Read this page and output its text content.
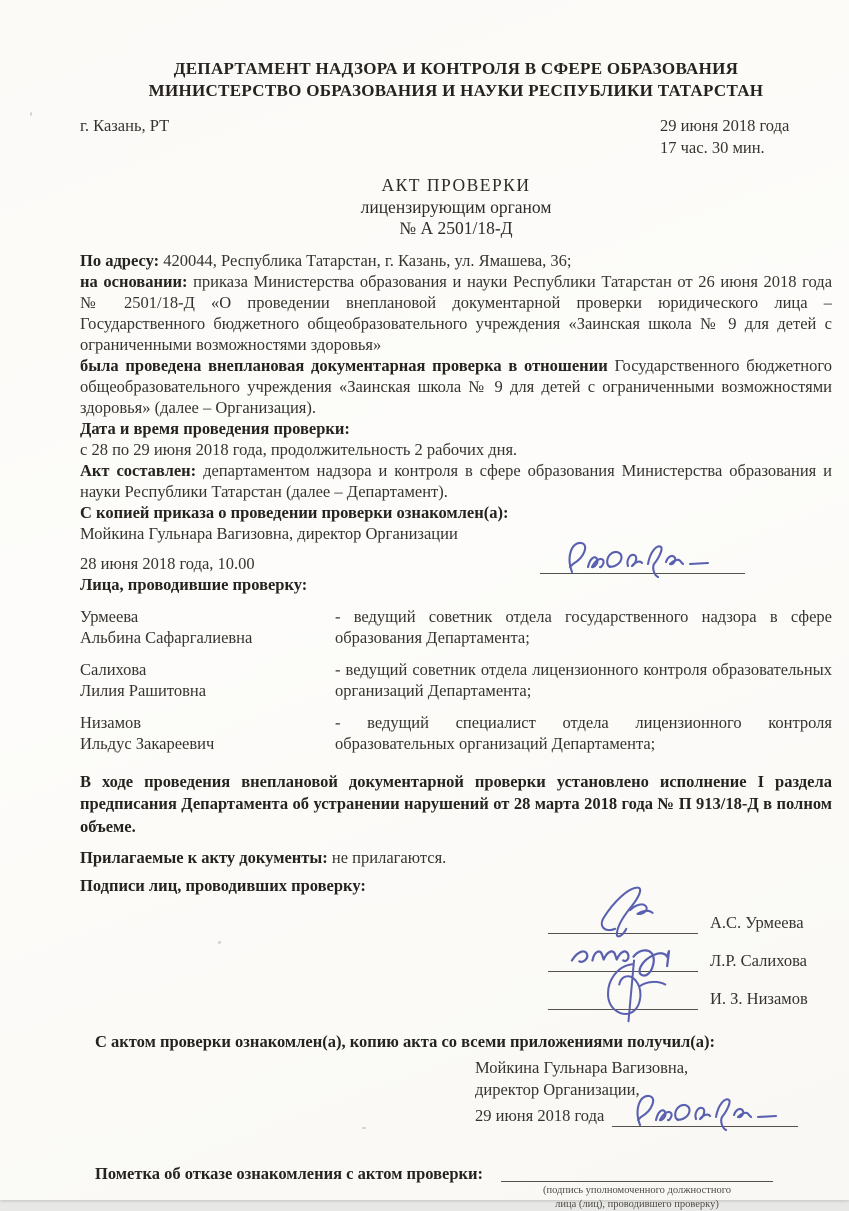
ДЕПАРТАМЕНТ НАДЗОРА И КОНТРОЛЯ В СФЕРЕ ОБРАЗОВАНИЯ
МИНИСТЕРСТВО ОБРАЗОВАНИЯ И НАУКИ РЕСПУБЛИКИ ТАТАРСТАН
г. Казань, РТ	29 июня 2018 года
17 час. 30 мин.
АКТ ПРОВЕРКИ
лицензирующим органом
№ А 2501/18-Д

По адресу: 420044, Республика Татарстан, г. Казань, ул. Ямашева, 36;

на основании: приказа Министерства образования и науки Республики Татарстан от 26 июня 2018 года № 2501/18-Д «О проведении внеплановой документарной проверки юридического лица – Государственного бюджетного общеобразовательного учреждения «Заинская школа № 9 для детей с ограниченными возможностями здоровья»

была проведена внеплановая документарная проверка в отношении Государственного бюджетного общеобразовательного учреждения «Заинская школа № 9 для детей с ограниченными возможностями здоровья» (далее – Организация).

Дата и время проведения проверки:

с 28 по 29 июня 2018 года, продолжительность 2 рабочих дня.

Акт составлен: департаментом надзора и контроля в сфере образования Министерства образования и науки Республики Татарстан (далее – Департамент).

С копией приказа о проведении проверки ознакомлен(а):

Мойкина Гульнара Вагизовна, директор Организации

28 июня 2018 года, 10.00

Лица, проводившие проверку:

Урмеева
Альбина Сафаргалиевна
- ведущий советник отдела государственного надзора в сфере образования Департамента;
Салихова
Лилия Рашитовна
- ведущий советник отдела лицензионного контроля образовательных организаций Департамента;
Низамов
Ильдус Закареевич
- ведущий специалист отдела лицензионного контроля образовательных организаций Департамента;

В ходе проведения внеплановой документарной проверки установлено исполнение I раздела предписания Департамента об устранении нарушений от 28 марта 2018 года № П 913/18-Д в полном объеме.

Прилагаемые к акту документы: не прилагаются.

Подписи лиц, проводивших проверку:

А.С. Урмеева
Л.Р. Салихова
И. З. Низамов

С актом проверки ознакомлен(а), копию акта со всеми приложениями получил(а):

Мойкина Гульнара Вагизовна,
директор Организации,
29 июня 2018 года
Пометка об отказе ознакомления с актом проверки:
(подпись уполномоченного должностного
лица (лиц), проводившего проверку)
